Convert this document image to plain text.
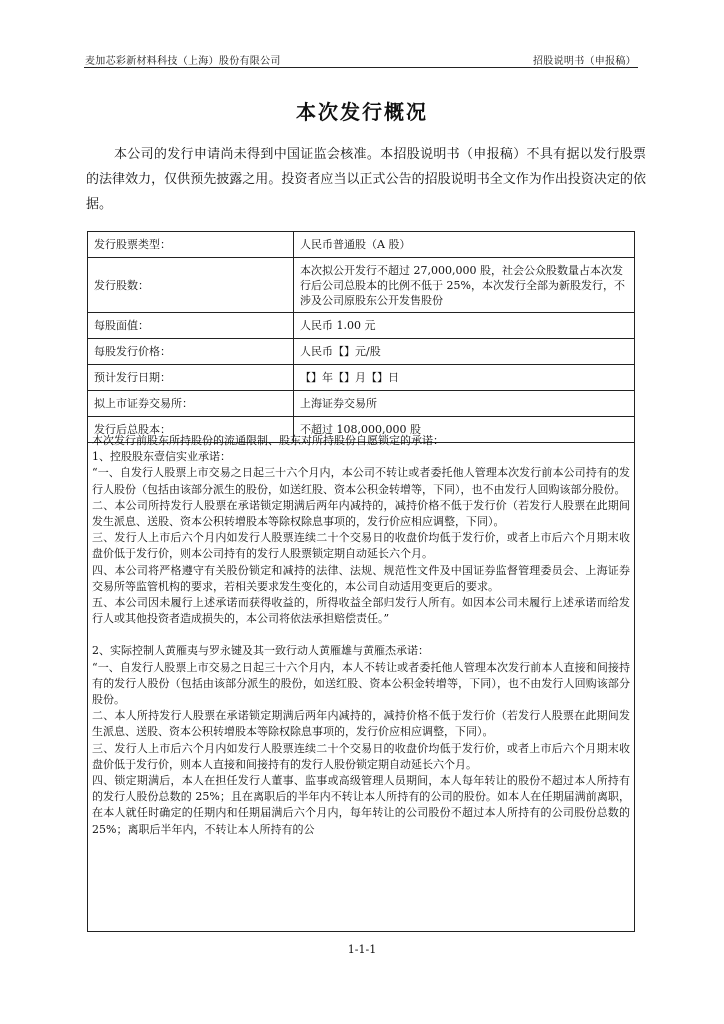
麦加芯彩新材料科技（上海）股份有限公司	招股说明书（申报稿）
本次发行概况

本公司的发行申请尚未得到中国证监会核准。本招股说明书（申报稿）不具有据以发行股票的法律效力，仅供预先披露之用。投资者应当以正式公告的招股说明书全文作为作出投资决定的依据。

发行股票类型：	人民币普通股（A 股）
发行股数：	本次拟公开发行不超过 27,000,000 股，社会公众股数量占本次发行后公司总股本的比例不低于 25%，本次发行全部为新股发行，不涉及公司原股东公开发售股份
每股面值：	人民币 1.00 元
每股发行价格：	人民币【】元/股
预计发行日期：	【】年【】月【】日
拟上市证券交易所：	上海证券交易所
发行后总股本：	不超过 108,000,000 股

本次发行前股东所持股份的流通限制、股东对所持股份自愿锁定的承诺：

1、控股股东壹信实业承诺：

“一、自发行人股票上市交易之日起三十六个月内，本公司不转让或者委托他人管理本次发行前本公司持有的发行人股份（包括由该部分派生的股份，如送红股、资本公积金转增等，下同），也不由发行人回购该部分股份。

二、本公司所持发行人股票在承诺锁定期满后两年内减持的，减持价格不低于发行价（若发行人股票在此期间发生派息、送股、资本公积转增股本等除权除息事项的，发行价应相应调整，下同）。

三、发行人上市后六个月内如发行人股票连续二十个交易日的收盘价均低于发行价，或者上市后六个月期末收盘价低于发行价，则本公司持有的发行人股票锁定期自动延长六个月。

四、本公司将严格遵守有关股份锁定和减持的法律、法规、规范性文件及中国证券监督管理委员会、上海证券交易所等监管机构的要求，若相关要求发生变化的，本公司自动适用变更后的要求。

五、本公司因未履行上述承诺而获得收益的，所得收益全部归发行人所有。如因本公司未履行上述承诺而给发行人或其他投资者造成损失的，本公司将依法承担赔偿责任。”

2、实际控制人黄雁夷与罗永键及其一致行动人黄雁雄与黄雁杰承诺：

“一、自发行人股票上市交易之日起三十六个月内，本人不转让或者委托他人管理本次发行前本人直接和间接持有的发行人股份（包括由该部分派生的股份，如送红股、资本公积金转增等，下同），也不由发行人回购该部分股份。

二、本人所持发行人股票在承诺锁定期满后两年内减持的，减持价格不低于发行价（若发行人股票在此期间发生派息、送股、资本公积转增股本等除权除息事项的，发行价应相应调整，下同）。

三、发行人上市后六个月内如发行人股票连续二十个交易日的收盘价均低于发行价，或者上市后六个月期末收盘价低于发行价，则本人直接和间接持有的发行人股份锁定期自动延长六个月。

四、锁定期满后，本人在担任发行人董事、监事或高级管理人员期间，本人每年转让的股份不超过本人所持有的发行人股份总数的 25%；且在离职后的半年内不转让本人所持有的公司的股份。如本人在任期届满前离职，在本人就任时确定的任期内和任期届满后六个月内，每年转让的公司股份不超过本人所持有的公司股份总数的 25%；离职后半年内，不转让本人所持有的公

1-1-1
